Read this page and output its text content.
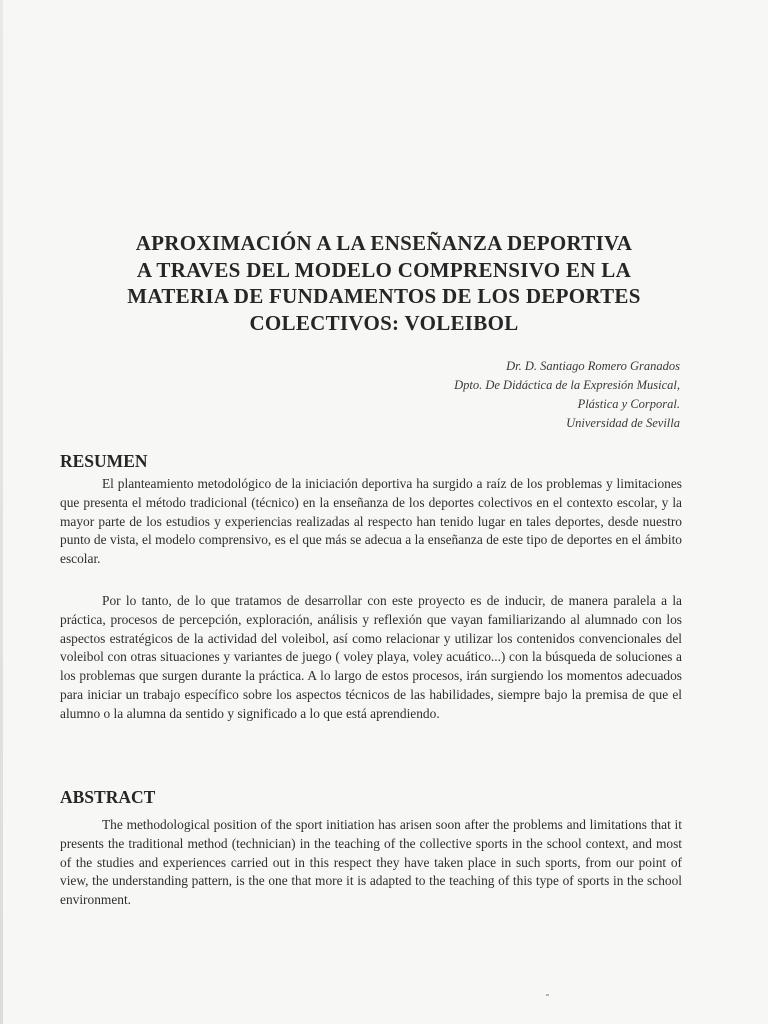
APROXIMACIÓN A LA ENSEÑANZA DEPORTIVA
A TRAVES DEL MODELO COMPRENSIVO EN LA
MATERIA DE FUNDAMENTOS DE LOS DEPORTES
COLECTIVOS: VOLEIBOL
Dr. D. Santiago Romero Granados
Dpto. De Didáctica de la Expresión Musical,
Plástica y Corporal.
Universidad de Sevilla
RESUMEN

El planteamiento metodológico de la iniciación deportiva ha surgido a raíz de los problemas y limitaciones que presenta el método tradicional (técnico) en la enseñanza de los deportes colectivos en el contexto escolar, y la mayor parte de los estudios y experiencias realizadas al respecto han tenido lugar en tales deportes, desde nuestro punto de vista, el modelo comprensivo, es el que más se adecua a la enseñanza de este tipo de deportes en el ámbito escolar.

Por lo tanto, de lo que tratamos de desarrollar con este proyecto es de inducir, de manera paralela a la práctica, procesos de percepción, exploración, análisis y reflexión que vayan familiarizando al alumnado con los aspectos estratégicos de la actividad del voleibol, así como relacionar y utilizar los contenidos convencionales del voleibol con otras situaciones y variantes de juego ( voley playa, voley acuático...) con la búsqueda de soluciones a los problemas que surgen durante la práctica. A lo largo de estos procesos, irán surgiendo los momentos adecuados para iniciar un trabajo específico sobre los aspectos técnicos de las habilidades, siempre bajo la premisa de que el alumno o la alumna da sentido y significado a lo que está aprendiendo.

ABSTRACT

The methodological position of the sport initiation has arisen soon after the problems and limitations that it presents the traditional method (technician) in the teaching of the collective sports in the school context, and most of the studies and experiences carried out in this respect they have taken place in such sports, from our point of view, the understanding pattern, is the one that more it is adapted to the teaching of this type of sports in the school environment.
